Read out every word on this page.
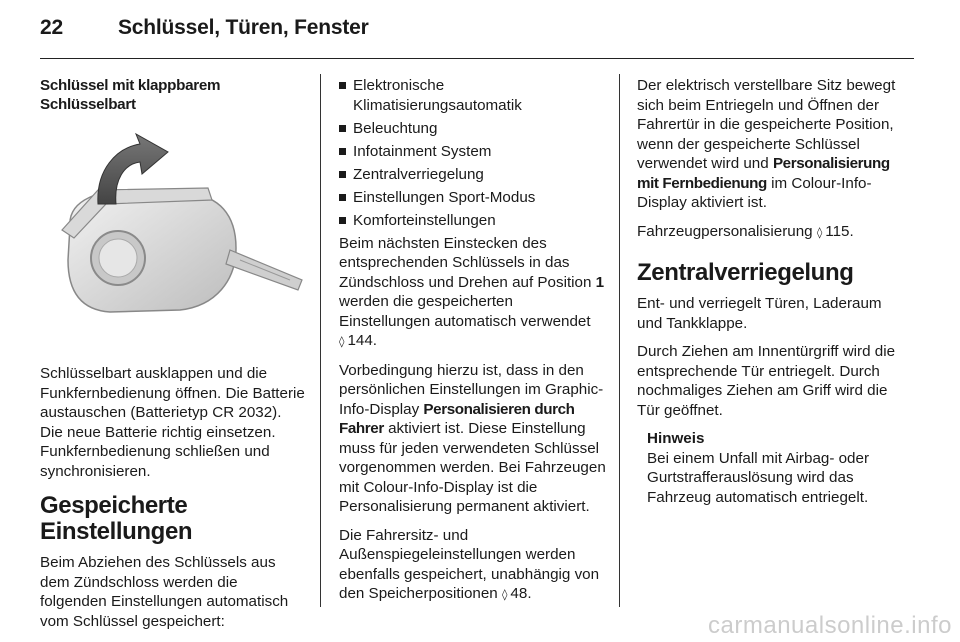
22	Schlüssel, Türen, Fenster
Schlüssel mit klappbarem Schlüsselbart

Schlüsselbart ausklappen und die Funkfernbedienung öffnen. Die Batterie austauschen (Batterietyp CR 2032). Die neue Batterie richtig einsetzen. Funkfernbedienung schließen und synchronisieren.

Gespeicherte Einstellungen

Beim Abziehen des Schlüssels aus dem Zündschloss werden die folgenden Einstellungen automatisch vom Schlüssel gespeichert:

Elektronische Klimatisierungsautomatik
Beleuchtung
Infotainment System
Zentralverriegelung
Einstellungen Sport-Modus
Komforteinstellungen

Beim nächsten Einstecken des entsprechenden Schlüssels in das Zündschloss und Drehen auf Position 1 werden die gespeicherten Einstellungen automatisch verwendet ◊ 144.

Vorbedingung hierzu ist, dass in den persönlichen Einstellungen im Graphic-Info-Display Personalisieren durch Fahrer aktiviert ist. Diese Einstellung muss für jeden verwendeten Schlüssel vorgenommen werden. Bei Fahrzeugen mit Colour-Info-Display ist die Personalisierung permanent aktiviert.

Die Fahrersitz- und Außenspiegeleinstellungen werden ebenfalls gespeichert, unabhängig von den Speicherpositionen ◊ 48.

Der elektrisch verstellbare Sitz bewegt sich beim Entriegeln und Öffnen der Fahrertür in die gespeicherte Position, wenn der gespeicherte Schlüssel verwendet wird und Personalisierung mit Fernbedienung im Colour-Info-Display aktiviert ist.

Fahrzeugpersonalisierung ◊ 115.

Zentralverriegelung

Ent- und verriegelt Türen, Laderaum und Tankklappe.

Durch Ziehen am Innentürgriff wird die entsprechende Tür entriegelt. Durch nochmaliges Ziehen am Griff wird die Tür geöffnet.

Hinweis
Bei einem Unfall mit Airbag- oder Gurtstrafferauslösung wird das Fahrzeug automatisch entriegelt.
carmanualsonline.info
